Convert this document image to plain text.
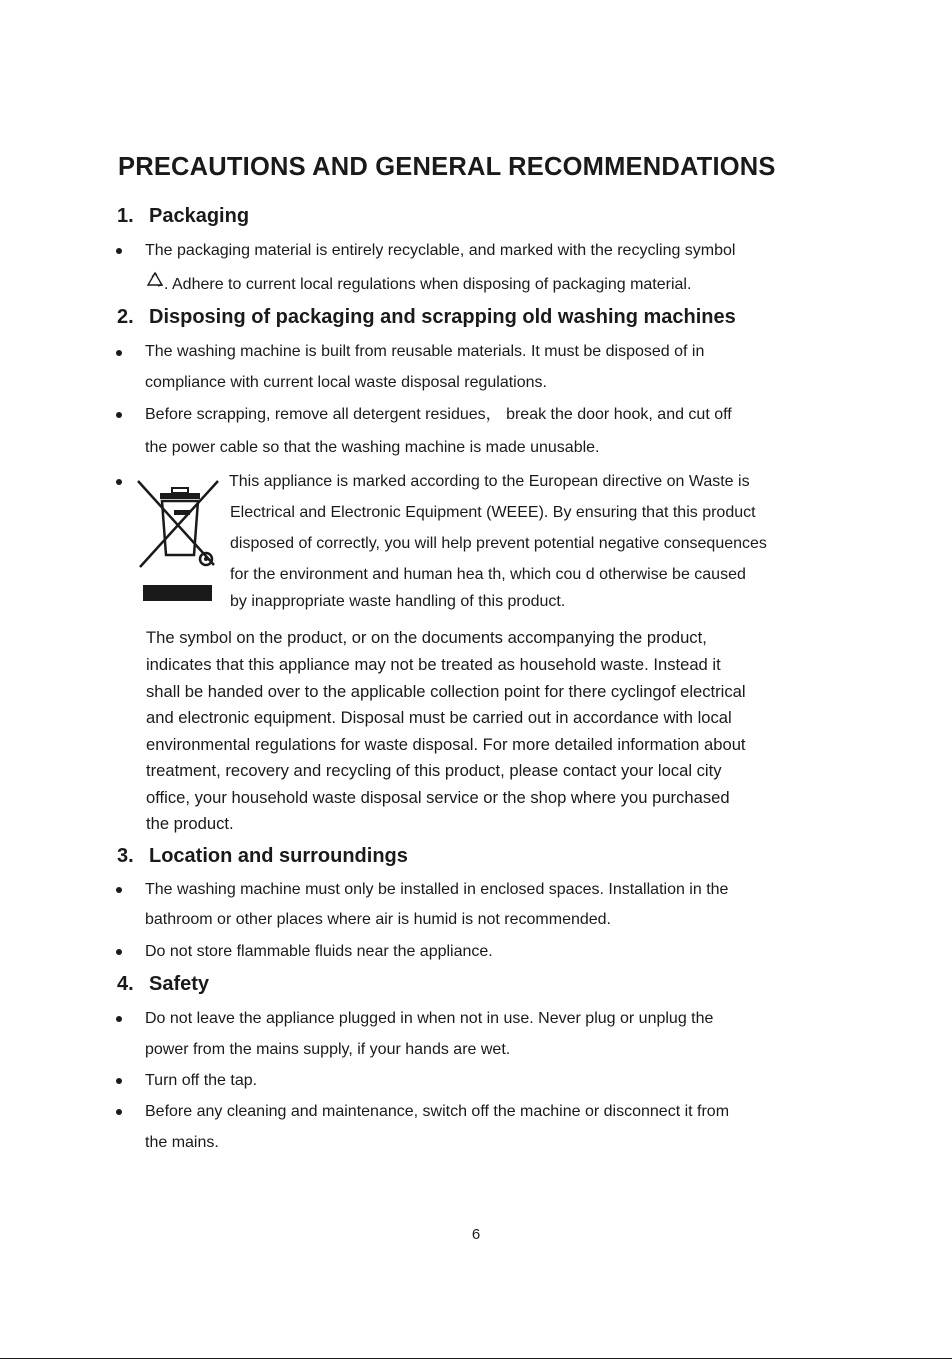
PRECAUTIONS AND GENERAL RECOMMENDATIONS
1. Packaging
The packaging material is entirely recyclable, and marked with the recycling symbol
. Adhere to current local regulations when disposing of packaging material.
2. Disposing of packaging and scrapping old washing machines
The washing machine is built from reusable materials. It must be disposed of in
compliance with current local waste disposal regulations.
Before scrapping, remove all detergent residues， break the door hook, and cut off
the power cable so that the washing machine is made unusable.
This appliance is marked according to the European directive on Waste is
Electrical and Electronic Equipment (WEEE). By ensuring that this product
disposed of correctly, you will help prevent potential negative consequences
for the environment and human hea th, which cou d otherwise be caused
by inappropriate waste handling of this product.
The symbol on the product, or on the documents accompanying the product,
indicates that this appliance may not be treated as household waste. Instead it
shall be handed over to the applicable collection point for there cyclingof electrical
and electronic equipment. Disposal must be carried out in accordance with local
environmental regulations for waste disposal. For more detailed information about
treatment, recovery and recycling of this product, please contact your local city
office, your household waste disposal service or the shop where you purchased
the product.
3. Location and surroundings
The washing machine must only be installed in enclosed spaces. Installation in the
bathroom or other places where air is humid is not recommended.
Do not store flammable fluids near the appliance.
4. Safety
Do not leave the appliance plugged in when not in use. Never plug or unplug the
power from the mains supply, if your hands are wet.
Turn off the tap.
Before any cleaning and maintenance, switch off the machine or disconnect it from
the mains.
6
